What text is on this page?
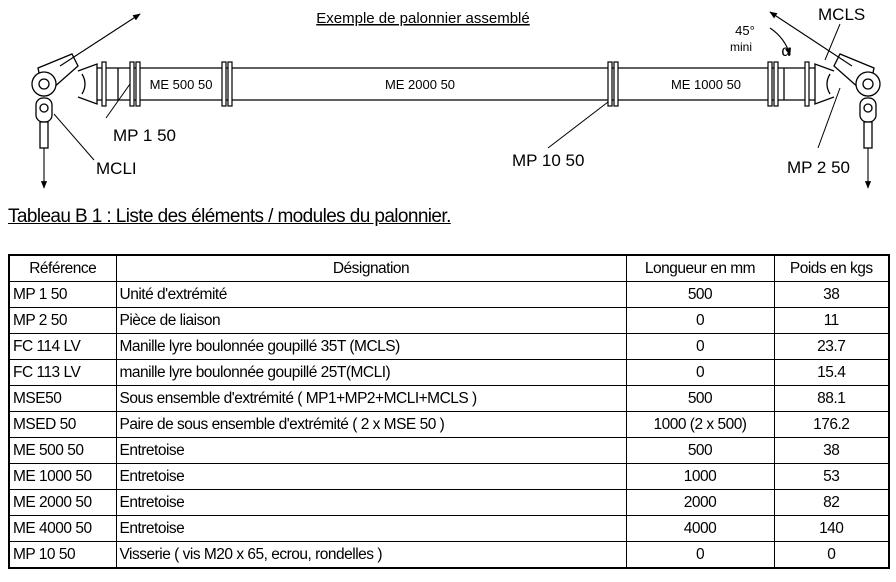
Exemple de palonnier assemblé
ME 500 50	ME 2000 50	ME 1000 50
45°
mini α
MP 1 50
MCLI	MP 10 50
MCLS
MP 2 50
Tableau B 1 : Liste des éléments / modules du palonnier.
Référence	Désignation	Longueur en mm	Poids en kgs
MP 1 50	Unité d'extrémité	500	38
MP 2 50	Pièce de liaison	0	11
FC 114 LV	Manille lyre boulonnée goupillé 35T (MCLS)	0	23.7
FC 113 LV	manille lyre boulonnée goupillé 25T(MCLI)	0	15.4
MSE50	Sous ensemble d'extrémité ( MP1+MP2+MCLI+MCLS )	500	88.1
MSED 50	Paire de sous ensemble d'extrémité ( 2 x MSE 50 )	1000 (2 x 500)	176.2
ME 500 50	Entretoise	500	38
ME 1000 50	Entretoise	1000	53
ME 2000 50	Entretoise	2000	82
ME 4000 50	Entretoise	4000	140
MP 10 50	Visserie ( vis M20 x 65, ecrou, rondelles )	0	0
